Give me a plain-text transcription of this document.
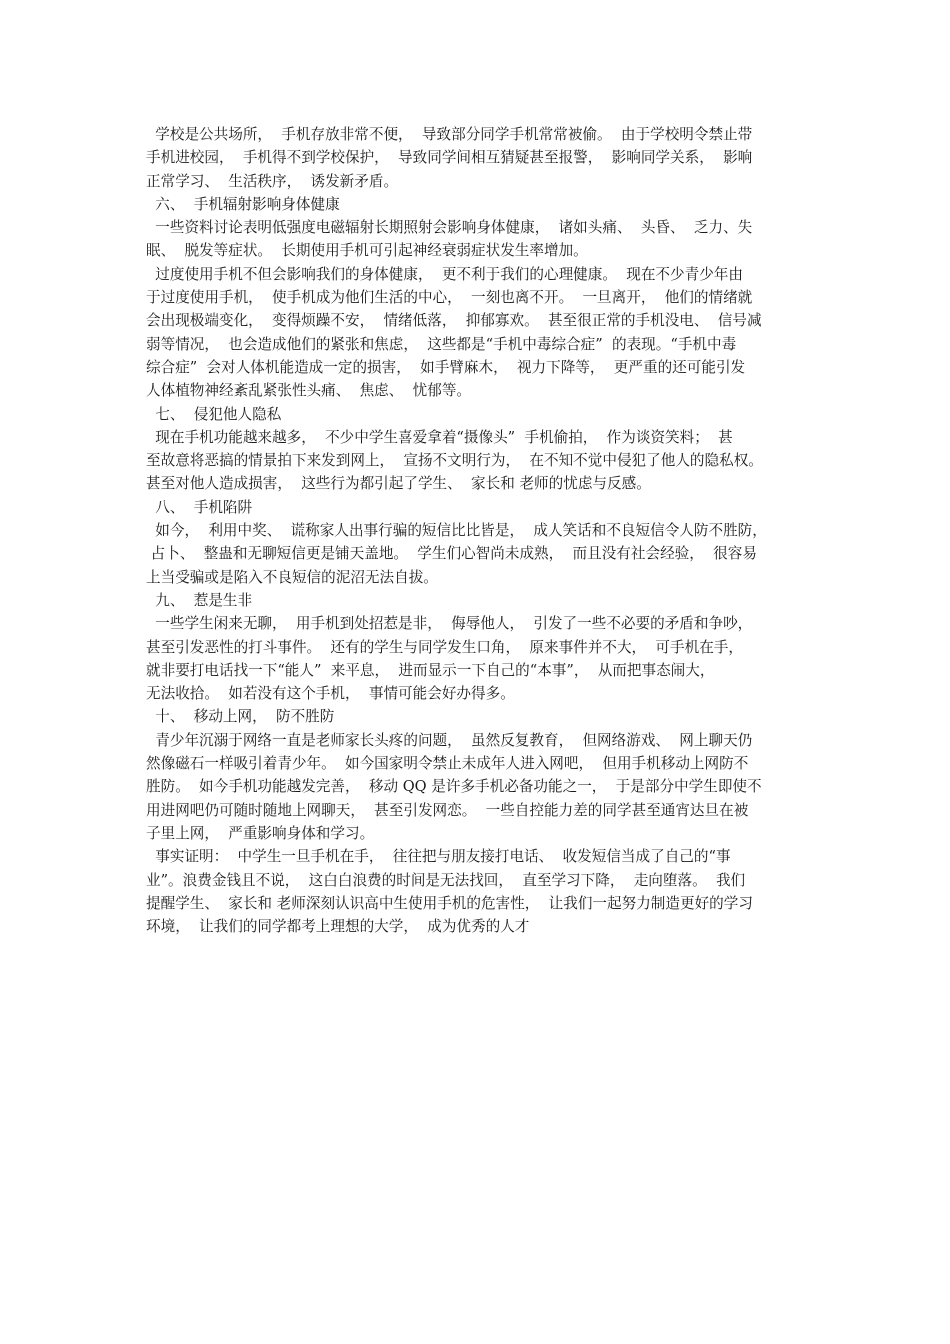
学校是公共场所，  手机存放非常不便，  导致部分同学手机常常被偷。  由于学校明令禁止带
手机进校园，  手机得不到学校保护，  导致同学间相互猜疑甚至报警，  影响同学关系，  影响
正常学习、  生活秩序，  诱发新矛盾。
六、  手机辐射影响身体健康
一些资料讨论表明低强度电磁辐射长期照射会影响身体健康，  诸如头痛、  头昏、  乏力、失
眠、  脱发等症状。  长期使用手机可引起神经衰弱症状发生率增加。
过度使用手机不但会影响我们的身体健康，  更不利于我们的心理健康。  现在不少青少年由
于过度使用手机，  使手机成为他们生活的中心，  一刻也离不开。  一旦离开，  他们的情绪就
会出现极端变化，  变得烦躁不安，  情绪低落，  抑郁寡欢。  甚至很正常的手机没电、  信号减
弱等情况，  也会造成他们的紧张和焦虑，  这些都是“手机中毒综合症”  的表现。“手机中毒
综合症”  会对人体机能造成一定的损害，  如手臂麻木，  视力下降等，  更严重的还可能引发
人体植物神经紊乱紧张性头痛、  焦虑、  忧郁等。
七、  侵犯他人隐私
现在手机功能越来越多，  不少中学生喜爱拿着“摄像头”  手机偷拍，  作为谈资笑料；  甚
至故意将恶搞的情景拍下来发到网上，  宣扬不文明行为，  在不知不觉中侵犯了他人的隐私权。
甚至对他人造成损害，  这些行为都引起了学生、  家长和 老师的忧虑与反感。
八、  手机陷阱
如今，  利用中奖、  谎称家人出事行骗的短信比比皆是，  成人笑话和不良短信令人防不胜防，
占卜、  整蛊和无聊短信更是铺天盖地。  学生们心智尚未成熟，  而且没有社会经验，  很容易
上当受骗或是陷入不良短信的泥沼无法自拔。
九、  惹是生非
一些学生闲来无聊，  用手机到处招惹是非，  侮辱他人，  引发了一些不必要的矛盾和争吵，
甚至引发恶性的打斗事件。  还有的学生与同学发生口角，  原来事件并不大，  可手机在手，
就非要打电话找一下“能人”  来平息，  进而显示一下自己的“本事”，  从而把事态闹大，
无法收拾。  如若没有这个手机，  事情可能会好办得多。
十、  移动上网，  防不胜防
青少年沉溺于网络一直是老师家长头疼的问题，  虽然反复教育，  但网络游戏、  网上聊天仍
然像磁石一样吸引着青少年。  如今国家明令禁止未成年人进入网吧，  但用手机移动上网防不
胜防。  如今手机功能越发完善，  移动 QQ 是许多手机必备功能之一，  于是部分中学生即使不
用进网吧仍可随时随地上网聊天，  甚至引发网恋。  一些自控能力差的同学甚至通宵达旦在被
子里上网，  严重影响身体和学习。
事实证明：  中学生一旦手机在手，  往往把与朋友接打电话、  收发短信当成了自己的“事
业”。浪费金钱且不说，  这白白浪费的时间是无法找回，  直至学习下降，  走向堕落。  我们
提醒学生、  家长和 老师深刻认识高中生使用手机的危害性，  让我们一起努力制造更好的学习
环境，  让我们的同学都考上理想的大学，  成为优秀的人才
